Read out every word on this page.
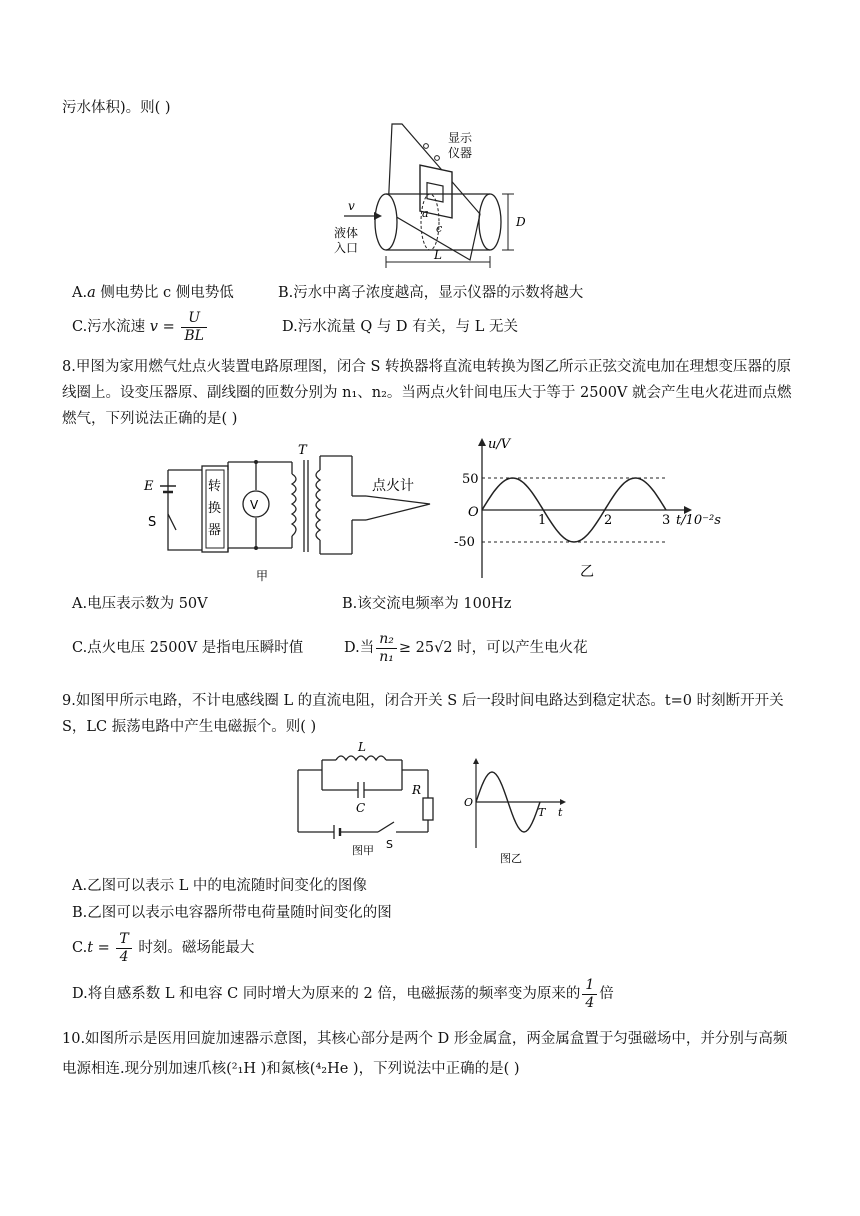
污水体积)。则( )
显示
仪器
v
液体
入口
a
c	D
L
A.a 侧电势比 c 侧电势低	B.污水中离子浓度越高，显示仪器的示数将越大
C.污水流速 $v = \frac{U}{BL}$	D.污水流量 Q 与 D 有关，与 L 无关
8.甲图为家用燃气灶点火装置电路原理图，闭合 S 转换器将直流电转换为图乙所示正弦交流电加在理想变压器的原线圈上。设变压器原、副线圈的匝数分别为 n₁、n₂。当两点火针间电压大于等于 2500V 就会产生电火花进而点燃燃气，下列说法正确的是( )
E
S
转
换
器
V
T
点火计
甲
u/V
50
-50
O
1	2	3 t/10⁻²s
乙
A.电压表示数为 50V	B.该交流电频率为 100Hz
C.点火电压 2500V 是指电压瞬时值	D.当 $\frac{\text{n₂}}{\text{n₁}} \ge 25√2$ 时，可以产生电火花
9.如图甲所示电路，不计电感线圈 L 的直流电阻，闭合开关 S 后一段时间电路达到稳定状态。t=0 时刻断开开关 S，LC 振荡电路中产生电磁振个。则( )
L
C
R
S
图甲
O
T t
图乙
A.乙图可以表示 L 中的电流随时间变化的图像
B.乙图可以表示电容器所带电荷量随时间变化的图
$C.t = \frac{T}{4}$ 时刻。磁场能最大
D.将自感系数 L 和电容 C 同时增大为原来的 2 倍，电磁振荡的频率变为原来的 $\frac{1}{4}$ 倍
10.如图所示是医用回旋加速器示意图，其核心部分是两个 D 形金属盒，两金属盒置于匀强磁场中，并分别与高频电源相连.现分别加速爪核(²₁H )和氮核(⁴₂He )，下列说法中正确的是( )
